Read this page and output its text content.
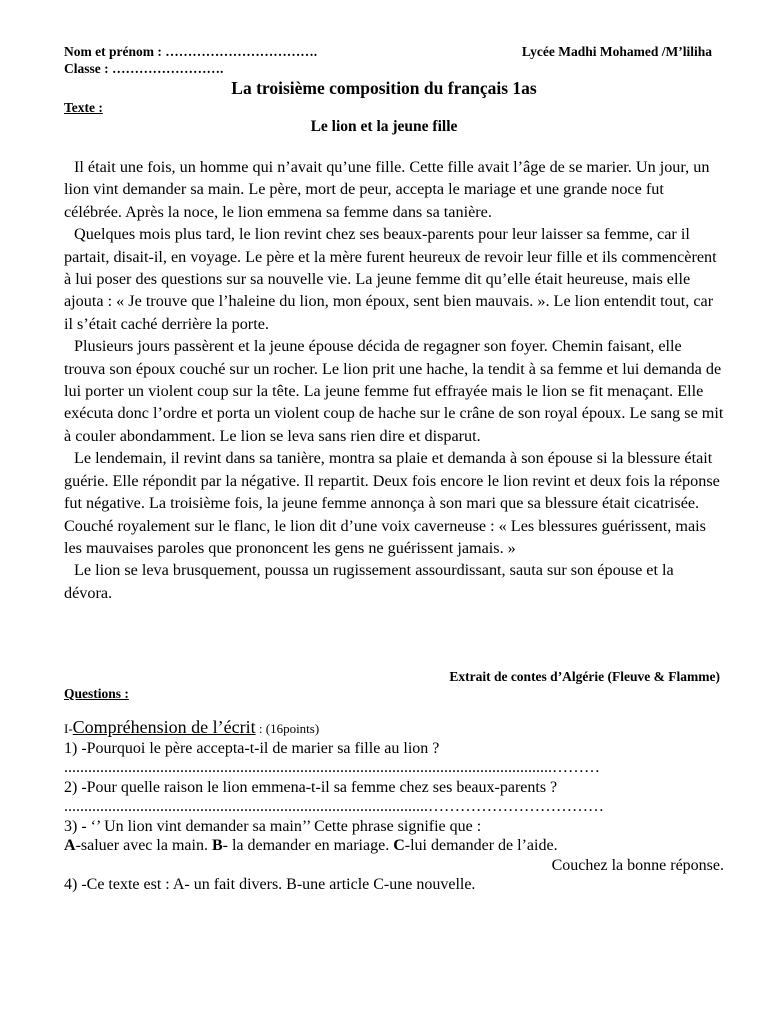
Nom et prénom : …………………………….	Lycée Madhi Mohamed /M’liliha
Classe : …………………….
La troisième composition du français 1as
Texte :
Le lion et la jeune fille

Il était une fois, un homme qui n’avait qu’une fille. Cette fille avait l’âge de se marier. Un jour, un lion vint demander sa main. Le père, mort de peur, accepta le mariage et une grande noce fut célébrée. Après la noce, le lion emmena sa femme dans sa tanière.

Quelques mois plus tard, le lion revint chez ses beaux-parents pour leur laisser sa femme, car il partait, disait-il, en voyage. Le père et la mère furent heureux de revoir leur fille et ils commencèrent à lui poser des questions sur sa nouvelle vie. La jeune femme dit qu’elle était heureuse, mais elle ajouta : « Je trouve que l’haleine du lion, mon époux, sent bien mauvais. ». Le lion entendit tout, car il s’était caché derrière la porte.

Plusieurs jours passèrent et la jeune épouse décida de regagner son foyer. Chemin faisant, elle trouva son époux couché sur un rocher. Le lion prit une hache, la tendit à sa femme et lui demanda de lui porter un violent coup sur la tête. La jeune femme fut effrayée mais le lion se fit menaçant. Elle exécuta donc l’ordre et porta un violent coup de hache sur le crâne de son royal époux. Le sang se mit à couler abondamment. Le lion se leva sans rien dire et disparut.

Le lendemain, il revint dans sa tanière, montra sa plaie et demanda à son épouse si la blessure était guérie. Elle répondit par la négative. Il repartit. Deux fois encore le lion revint et deux fois la réponse fut négative. La troisième fois, la jeune femme annonça à son mari que sa blessure était cicatrisée. Couché royalement sur le flanc, le lion dit d’une voix caverneuse : « Les blessures guérissent, mais les mauvaises paroles que prononcent les gens ne guérissent jamais. »

Le lion se leva brusquement, poussa un rugissement assourdissant, sauta sur son épouse et la dévora.

Extrait de contes d’Algérie (Fleuve & Flamme)
Questions :
I-Compréhension de l’écrit : (16points)
1) -Pourquoi le père accepta-t-il de marier sa fille au lion ?
..........................................................................................................................………
2) -Pour quelle raison le lion emmena-t-il sa femme chez ses beaux-parents ?
...........................................................................................……………………………
3) - ‘’ Un lion vint demander sa main’’ Cette phrase signifie que :
A-saluer avec la main. B- la demander en mariage. C-lui demander de l’aide.
Couchez la bonne réponse.
4) -Ce texte est : A- un fait divers. B-une article C-une nouvelle.
